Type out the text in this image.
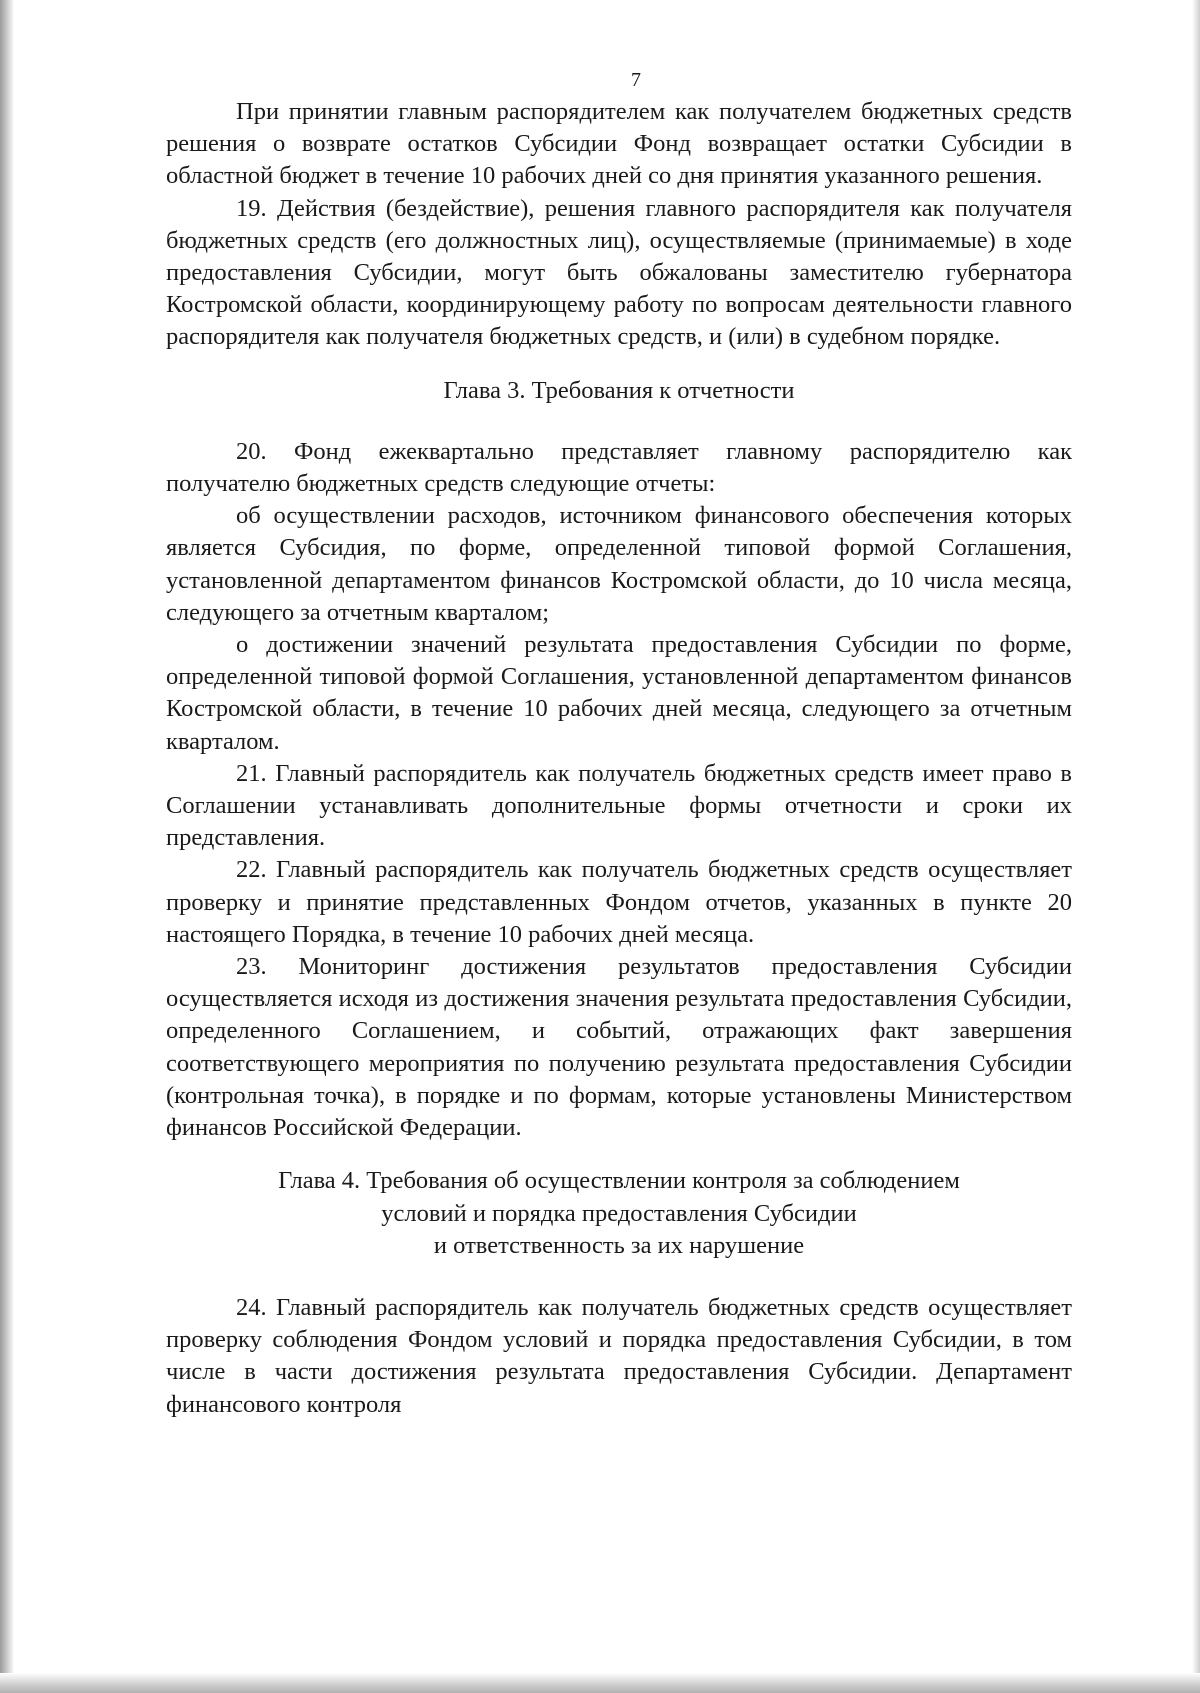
7

При принятии главным распорядителем как получателем бюджетных средств решения о возврате остатков Субсидии Фонд возвращает остатки Субсидии в областной бюджет в течение 10 рабочих дней со дня принятия указанного решения.

19. Действия (бездействие), решения главного распорядителя как получателя бюджетных средств (его должностных лиц), осуществляемые (принимаемые) в ходе предоставления Субсидии, могут быть обжалованы заместителю губернатора Костромской области, координирующему работу по вопросам деятельности главного распорядителя как получателя бюджетных средств, и (или) в судебном порядке.

Глава 3. Требования к отчетности

20. Фонд ежеквартально представляет главному распорядителю как получателю бюджетных средств следующие отчеты:

об осуществлении расходов, источником финансового обеспечения которых является Субсидия, по форме, определенной типовой формой Соглашения, установленной департаментом финансов Костромской области, до 10 числа месяца, следующего за отчетным кварталом;

о достижении значений результата предоставления Субсидии по форме, определенной типовой формой Соглашения, установленной департаментом финансов Костромской области, в течение 10 рабочих дней месяца, следующего за отчетным кварталом.

21. Главный распорядитель как получатель бюджетных средств имеет право в Соглашении устанавливать дополнительные формы отчетности и сроки их представления.

22. Главный распорядитель как получатель бюджетных средств осуществляет проверку и принятие представленных Фондом отчетов, указанных в пункте 20 настоящего Порядка, в течение 10 рабочих дней месяца.

23. Мониторинг достижения результатов предоставления Субсидии осуществляется исходя из достижения значения результата предоставления Субсидии, определенного Соглашением, и событий, отражающих факт завершения соответствующего мероприятия по получению результата предоставления Субсидии (контрольная точка), в порядке и по формам, которые установлены Министерством финансов Российской Федерации.

Глава 4. Требования об осуществлении контроля за соблюдением
условий и порядка предоставления Субсидии
и ответственность за их нарушение

24. Главный распорядитель как получатель бюджетных средств осуществляет проверку соблюдения Фондом условий и порядка предоставления Субсидии, в том числе в части достижения результата предоставления Субсидии. Департамент финансового контроля
